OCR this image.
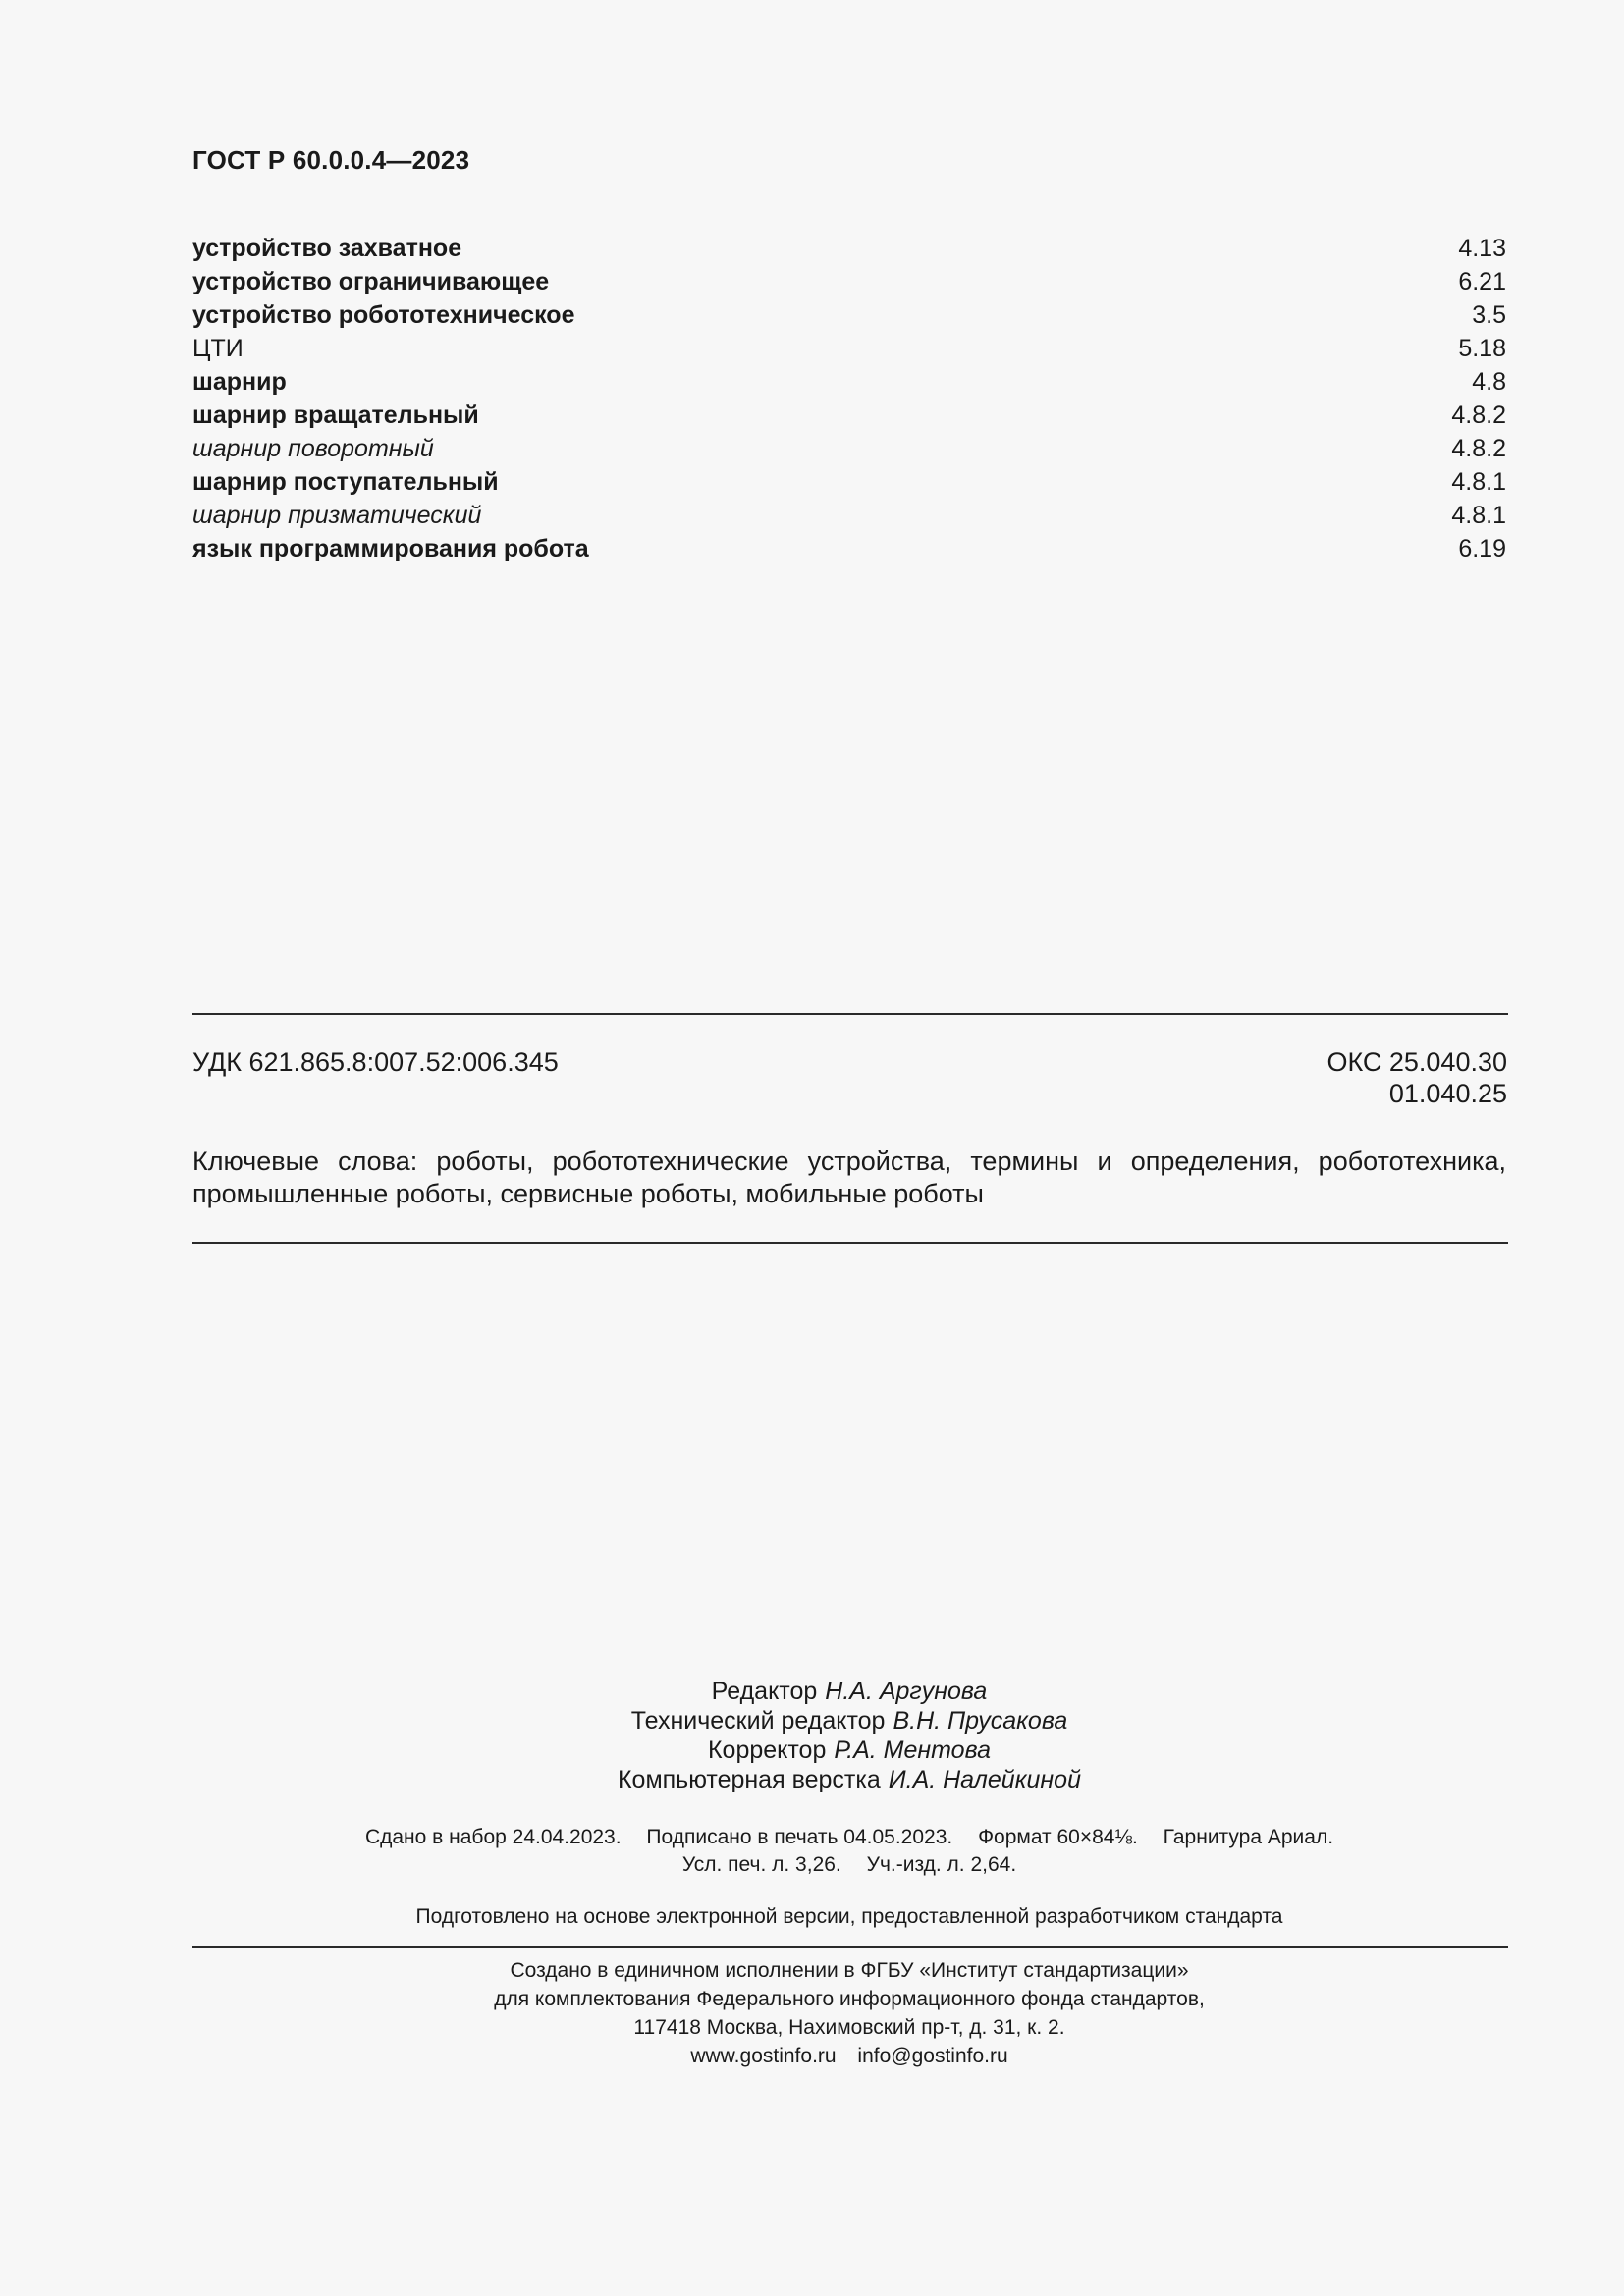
ГОСТ Р 60.0.0.4—2023
устройство захватное	4.13
устройство ограничивающее	6.21
устройство робототехническое	3.5
ЦТИ	5.18
шарнир	4.8
шарнир вращательный	4.8.2
шарнир поворотный	4.8.2
шарнир поступательный	4.8.1
шарнир призматический	4.8.1
язык программирования робота	6.19
УДК 621.865.8:007.52:006.345	ОКС 25.040.30
01.040.25
Ключевые слова: роботы, робототехнические устройства, термины и определения, робототехника, промышленные роботы, сервисные роботы, мобильные роботы
Редактор Н.А. Аргунова
Технический редактор В.Н. Прусакова
Корректор Р.А. Ментова
Компьютерная верстка И.А. Налейкиной
Сдано в набор 24.04.2023. Подписано в печать 04.05.2023. Формат 60×84⅛. Гарнитура Ариал.
Усл. печ. л. 3,26. Уч.-изд. л. 2,64.
Подготовлено на основе электронной версии, предоставленной разработчиком стандарта
Создано в единичном исполнении в ФГБУ «Институт стандартизации»
для комплектования Федерального информационного фонда стандартов,
117418 Москва, Нахимовский пр-т, д. 31, к. 2.
www.gostinfo.ru info@gostinfo.ru
